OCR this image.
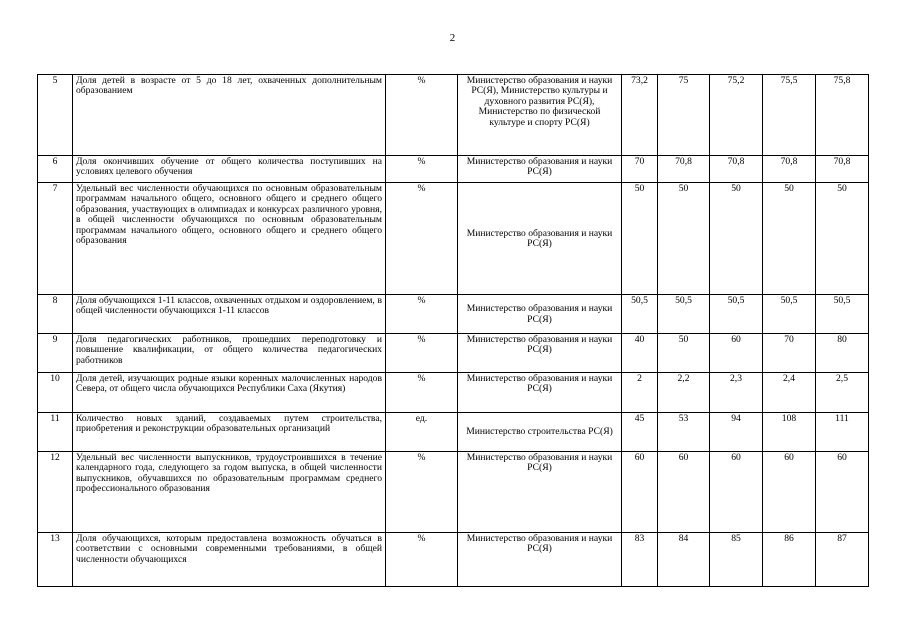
2
5	Доля детей в возрасте от 5 до 18 лет, охваченных дополнительным образованием	%	Министерство образования и науки РС(Я), Министерство культуры и духовного развития РС(Я), Министерство по физической культуре и спорту РС(Я)	73,2	75	75,2	75,5	75,8
6	Доля окончивших обучение от общего количества поступивших на условиях целевого обучения	%	Министерство образования и науки РС(Я)	70	70,8	70,8	70,8	70,8
7	Удельный вес численности обучающихся по основным образовательным программам начального общего, основного общего и среднего общего образования, участвующих в олимпиадах и конкурсах различного уровня, в общей численности обучающихся по основным образовательным программам начального общего, основного общего и среднего общего образования	%	Министерство образования и науки РС(Я)	50	50	50	50	50
8	Доля обучающихся 1-11 классов, охваченных отдыхом и оздоровлением, в общей численности обучающихся 1-11 классов	%	Министерство образования и науки РС(Я)	50,5	50,5	50,5	50,5	50,5
9	Доля педагогических работников, прошедших переподготовку и повышение квалификации, от общего количества педагогических работников	%	Министерство образования и науки РС(Я)	40	50	60	70	80
10	Доля детей, изучающих родные языки коренных малочисленных народов Севера, от общего числа обучающихся Республики Саха (Якутия)	%	Министерство образования и науки РС(Я)	2	2,2	2,3	2,4	2,5
11	Количество новых зданий, создаваемых путем строительства, приобретения и реконструкции образовательных организаций	ед.	Министерство строительства РС(Я)	45	53	94	108	111
12	Удельный вес численности выпускников, трудоустроившихся в течение календарного года, следующего за годом выпуска, в общей численности выпускников, обучавшихся по образовательным программам среднего профессионального образования	%	Министерство образования и науки РС(Я)	60	60	60	60	60
13	Доля обучающихся, которым предоставлена возможность обучаться в соответствии с основными современными требованиями, в общей численности обучающихся	%	Министерство образования и науки РС(Я)	83	84	85	86	87
